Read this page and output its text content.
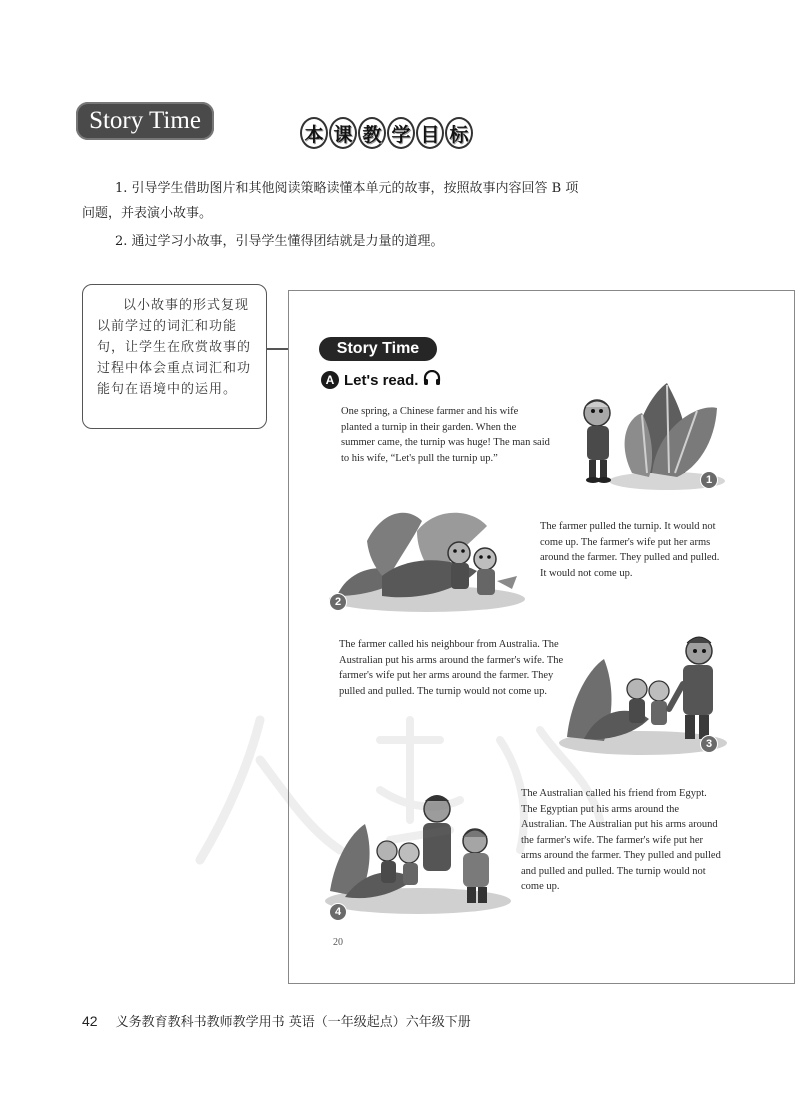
Story Time
本 课 教 学 目 标

1. 引导学生借助图片和其他阅读策略读懂本单元的故事，按照故事内容回答 B 项

问题，并表演小故事。

2. 通过学习小故事，引导学生懂得团结就是力量的道理。

以小故事的形式复现以前学过的词汇和功能句，让学生在欣赏故事的过程中体会重点词汇和功能句在语境中的运用。
Story Time
A Let's read.

One spring, a Chinese farmer and his wife planted a turnip in their garden. When the summer came, the turnip was huge! The man said to his wife, “Let's pull the turnip up.”

The farmer pulled the turnip. It would not come up. The farmer's wife put her arms around the farmer. They pulled and pulled. It would not come up.

The farmer called his neighbour from Australia. The Australian put his arms around the farmer's wife. The farmer's wife put her arms around the farmer. They pulled and pulled. The turnip would not come up.

The Australian called his friend from Egypt. The Egyptian put his arms around the Australian. The Australian put his arms around the farmer's wife. The farmer's wife put her arms around the farmer. They pulled and pulled and pulled and pulled. The turnip would not come up.

1
2
3
4
20
42 义务教育教科书教师教学用书 英语（一年级起点）六年级下册
